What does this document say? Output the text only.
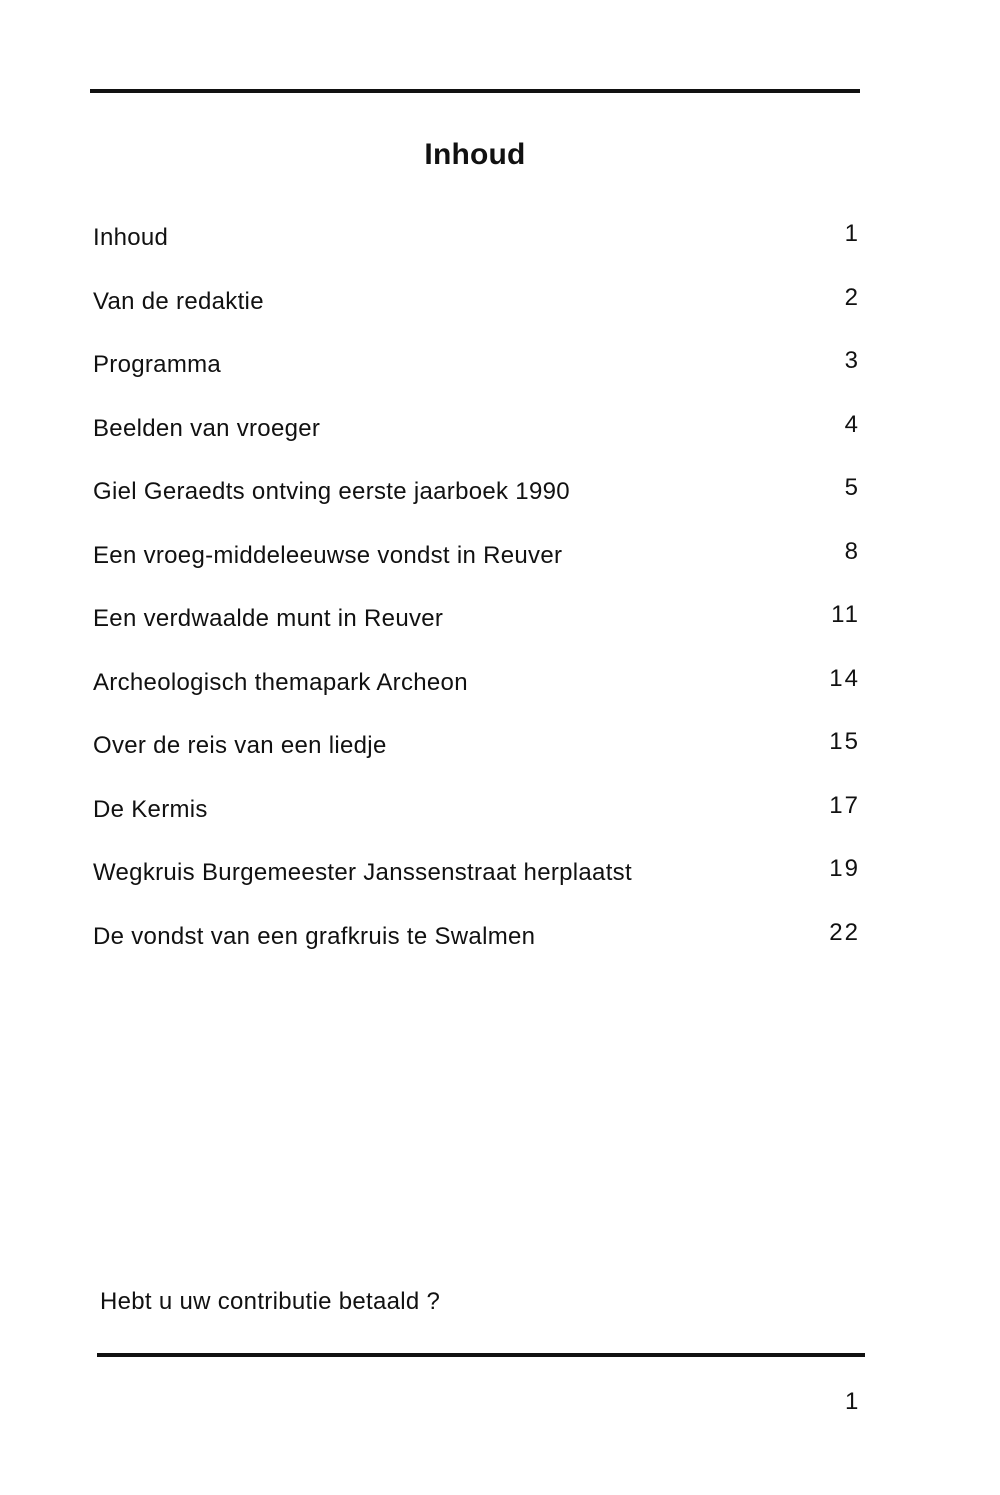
Inhoud
Inhoud	1
Van de redaktie	2
Programma	3
Beelden van vroeger	4
Giel Geraedts ontving eerste jaarboek 1990	5
Een vroeg-middeleeuwse vondst in Reuver	8
Een verdwaalde munt in Reuver	11
Archeologisch themapark Archeon	14
Over de reis van een liedje	15
De Kermis	17
Wegkruis Burgemeester Janssenstraat herplaatst	19
De vondst van een grafkruis te Swalmen	22
Hebt u uw contributie betaald ?
1
